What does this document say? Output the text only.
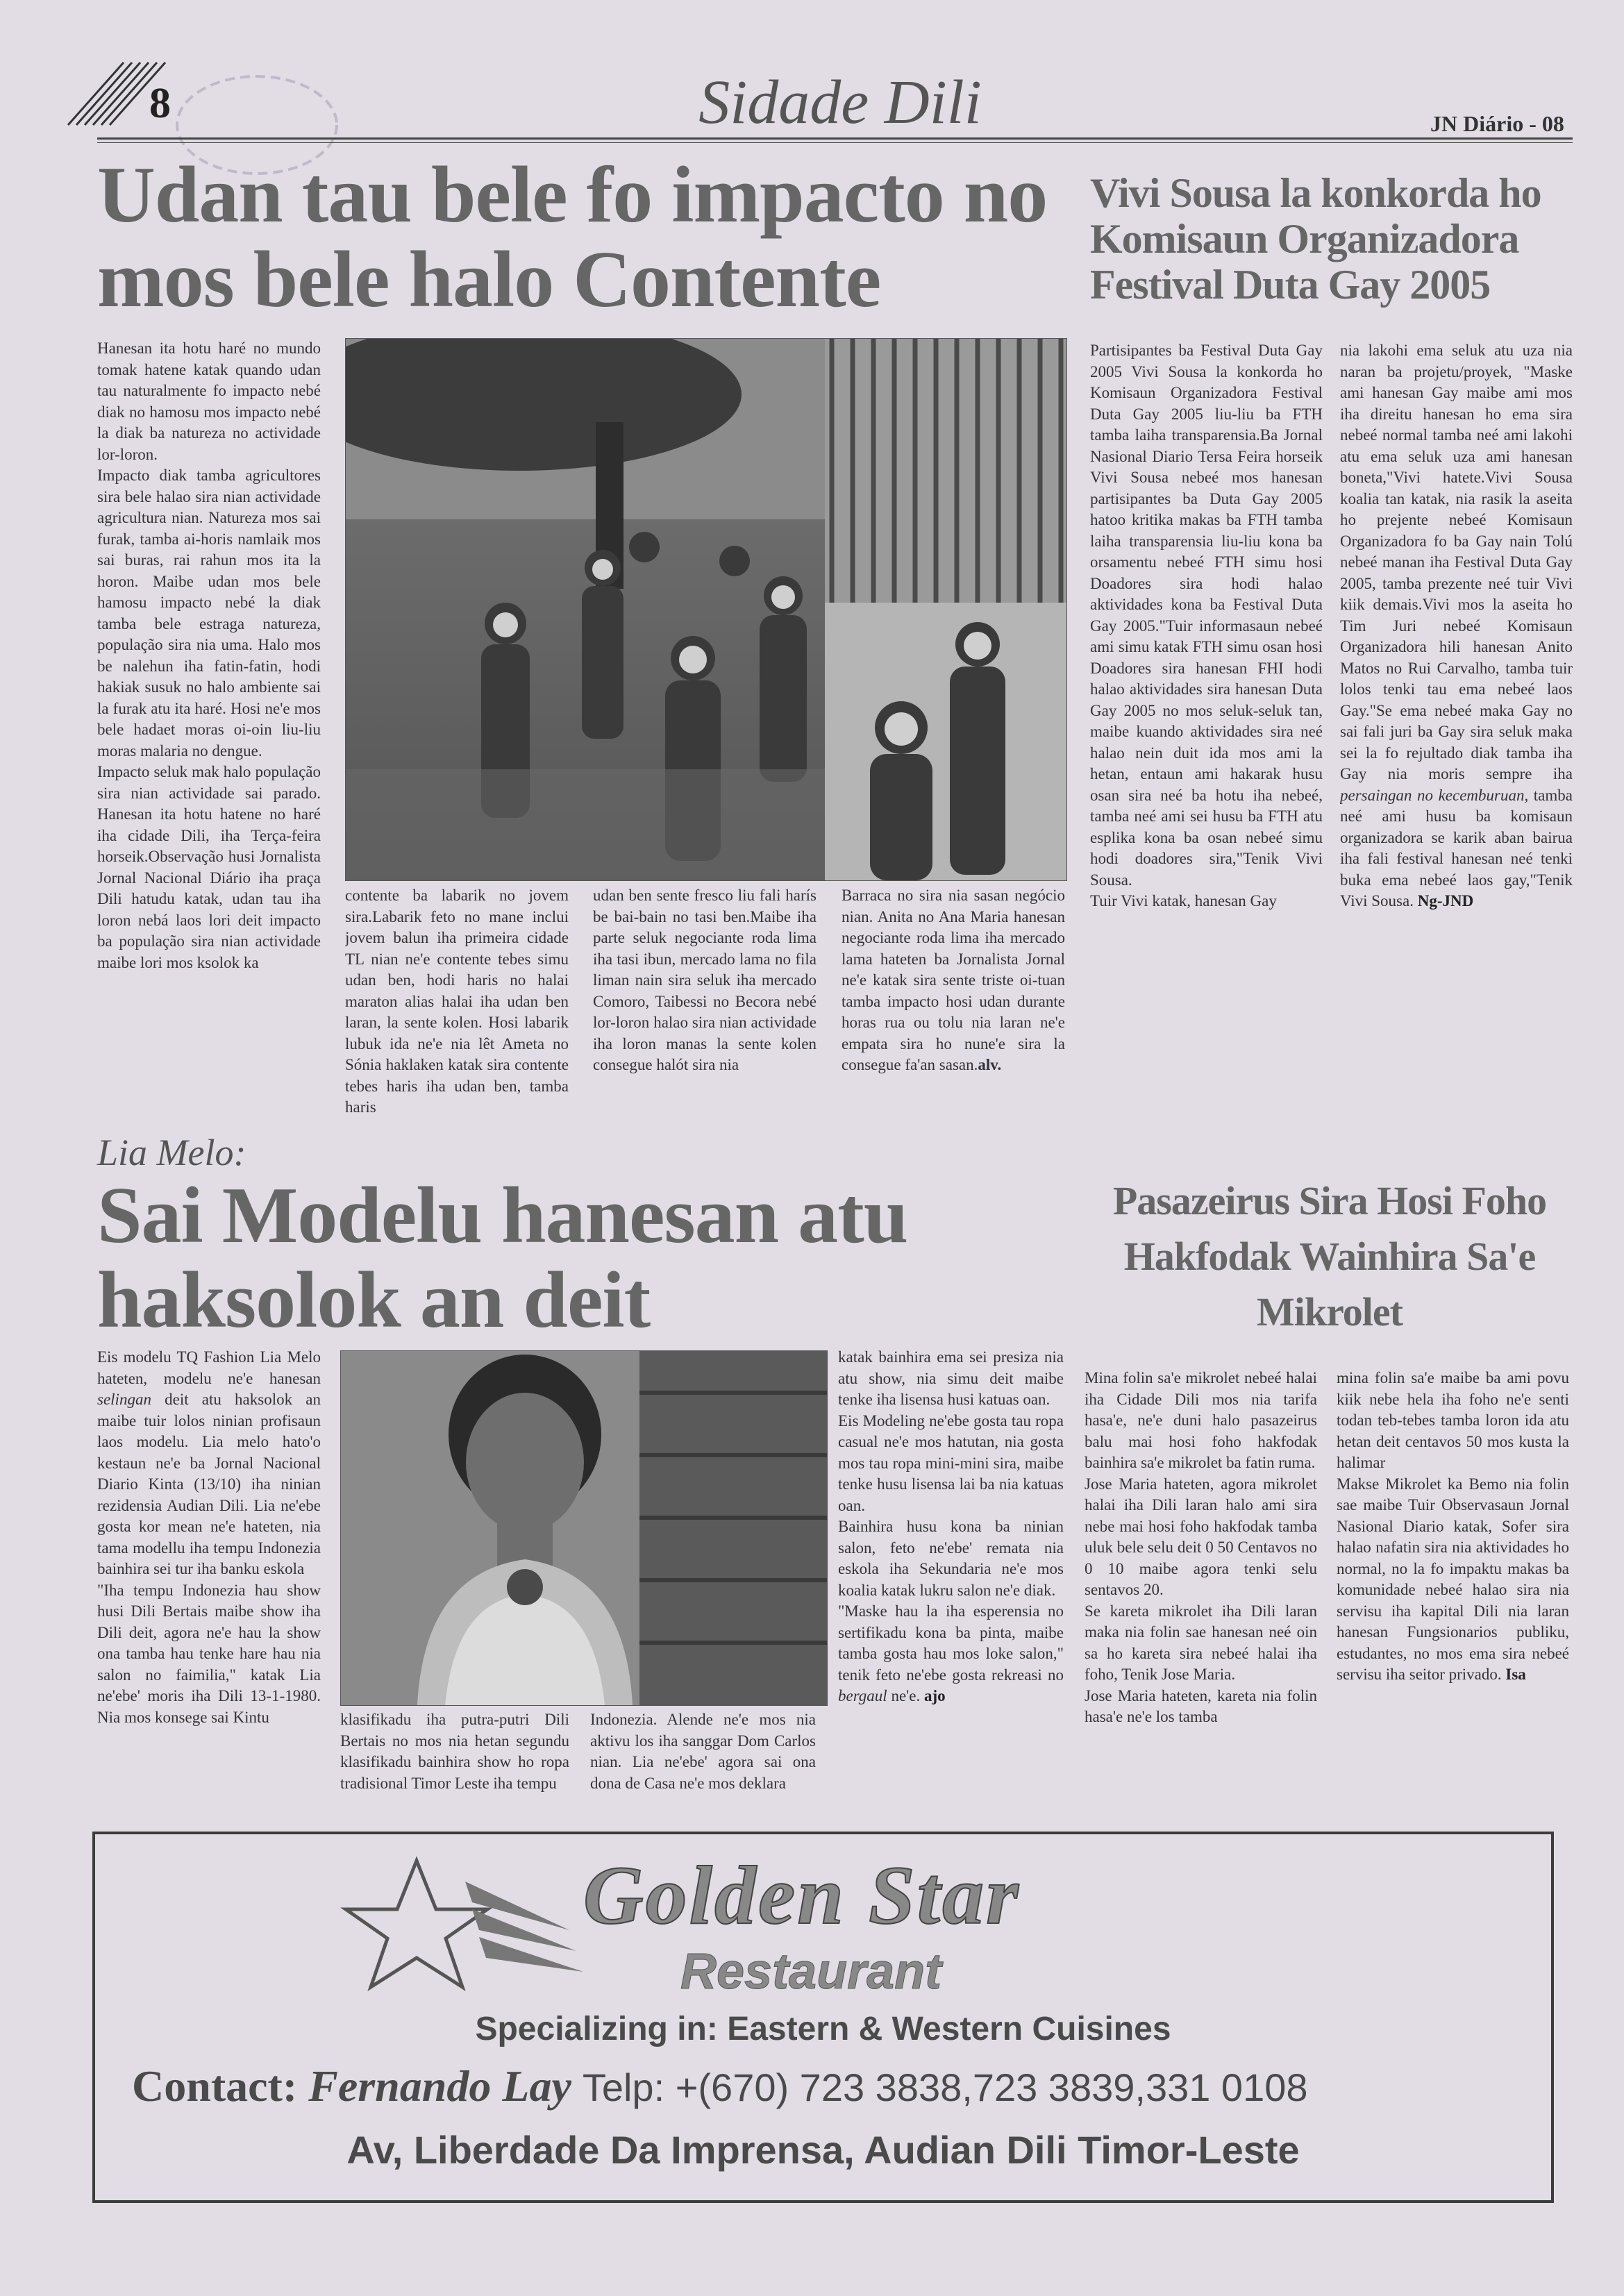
8	Sidade Dili	JN Diário - 08
Udan tau bele fo impacto no mos bele halo Contente

Hanesan ita hotu haré no mundo tomak hatene katak quando udan tau naturalmente fo impacto nebé diak no hamosu mos impacto nebé la diak ba natureza no actividade lor-loron.

Impacto diak tamba agricultores sira bele halao sira nian actividade agricultura nian. Natureza mos sai furak, tamba ai-horis namlaik mos sai buras, rai rahun mos ita la horon. Maibe udan mos bele hamosu impacto nebé la diak tamba bele estraga natureza, população sira nia uma. Halo mos be nalehun iha fatin-fatin, hodi hakiak susuk no halo ambiente sai la furak atu ita haré. Hosi ne'e mos bele hadaet moras oi-oin liu-liu moras malaria no dengue.

Impacto seluk mak halo população sira nian actividade sai parado. Hanesan ita hotu hatene no haré iha cidade Dili, iha Terça-feira horseik.Observação husi Jornalista Jornal Nacional Diário iha praça Dili hatudu katak, udan tau iha loron nebá laos lori deit impacto ba população sira nian actividade maibe lori mos ksolok ka

contente ba labarik no jovem sira.Labarik feto no mane inclui jovem balun iha primeira cidade TL nian ne'e contente tebes simu udan ben, hodi haris no halai maraton alias halai iha udan ben laran, la sente kolen. Hosi labarik lubuk ida ne'e nia lêt Ameta no Sónia haklaken katak sira contente tebes haris iha udan ben, tamba haris
udan ben sente fresco liu fali harís be bai-bain no tasi ben.Maibe iha parte seluk negociante roda lima iha tasi ibun, mercado lama no fila liman nain sira seluk iha mercado Comoro, Taibessi no Becora nebé lor-loron halao sira nian actividade iha loron manas la sente kolen consegue halót sira nia
Barraca no sira nia sasan negócio nian. Anita no Ana Maria hanesan negociante roda lima iha mercado lama hateten ba Jornalista Jornal ne'e katak sira sente triste oi-tuan tamba impacto hosi udan durante horas rua ou tolu nia laran ne'e empata sira ho nune'e sira la consegue fa'an sasan.alv.
Vivi Sousa la konkorda ho Komisaun Organizadora Festival Duta Gay 2005

Partisipantes ba Festival Duta Gay 2005 Vivi Sousa la konkorda ho Komisaun Organizadora Festival Duta Gay 2005 liu-liu ba FTH tamba laiha transparensia.Ba Jornal Nasional Diario Tersa Feira horseik Vivi Sousa nebeé mos hanesan partisipantes ba Duta Gay 2005 hatoo kritika makas ba FTH tamba laiha transparensia liu-liu kona ba orsamentu nebeé FTH simu hosi Doadores sira hodi halao aktividades kona ba Festival Duta Gay 2005."Tuir informasaun nebeé ami simu katak FTH simu osan hosi Doadores sira hanesan FHI hodi halao aktividades sira hanesan Duta Gay 2005 no mos seluk-seluk tan, maibe kuando aktividades sira neé halao nein duit ida mos ami la hetan, entaun ami hakarak husu osan sira neé ba hotu iha nebeé, tamba neé ami sei husu ba FTH atu esplika kona ba osan nebeé simu hodi doadores sira,"Tenik Vivi Sousa.

Tuir Vivi katak, hanesan Gay

nia lakohi ema seluk atu uza nia naran ba projetu/proyek, "Maske ami hanesan Gay maibe ami mos iha direitu hanesan ho ema sira nebeé normal tamba neé ami lakohi atu ema seluk uza ami hanesan boneta,"Vivi hatete.Vivi Sousa koalia tan katak, nia rasik la aseita ho prejente nebeé Komisaun Organizadora fo ba Gay nain Tolú nebeé manan iha Festival Duta Gay 2005, tamba prezente neé tuir Vivi kiik demais.Vivi mos la aseita ho Tim Juri nebeé Komisaun Organizadora hili hanesan Anito Matos no Rui Carvalho, tamba tuir lolos tenki tau ema nebeé laos Gay."Se ema nebeé maka Gay no sai fali juri ba Gay sira seluk maka sei la fo rejultado diak tamba iha Gay nia moris sempre iha persaingan no kecemburuan, tamba neé ami husu ba komisaun organizadora se karik aban bairua iha fali festival hanesan neé tenki buka ema nebeé laos gay,"Tenik Vivi Sousa. Ng-JND
Lia Melo:
Sai Modelu hanesan atu haksolok an deit

Eis modelu TQ Fashion Lia Melo hateten, modelu ne'e hanesan selingan deit atu haksolok an maibe tuir lolos ninian profisaun laos modelu. Lia melo hato'o kestaun ne'e ba Jornal Nacional Diario Kinta (13/10) iha ninian rezidensia Audian Dili. Lia ne'ebe gosta kor mean ne'e hateten, nia tama modellu iha tempu Indonezia bainhira sei tur iha banku eskola

"Iha tempu Indonezia hau show husi Dili Bertais maibe show iha Dili deit, agora ne'e hau la show ona tamba hau tenke hare hau nia salon no faimilia," katak Lia ne'ebe' moris iha Dili 13-1-1980. Nia mos konsege sai Kintu	klasifikadu iha putra-putri Dili Bertais no mos nia hetan segundu klasifikadu bainhira show ho ropa tradisional Timor Leste iha tempu
Indonezia. Alende ne'e mos nia aktivu los iha sanggar Dom Carlos nian. Lia ne'ebe' agora sai ona dona de Casa ne'e mos deklara

katak bainhira ema sei presiza nia atu show, nia simu deit maibe tenke iha lisensa husi katuas oan.

Eis Modeling ne'ebe gosta tau ropa casual ne'e mos hatutan, nia gosta mos tau ropa mini-mini sira, maibe tenke husu lisensa lai ba nia katuas oan.

Bainhira husu kona ba ninian salon, feto ne'ebe' remata nia eskola iha Sekundaria ne'e mos koalia katak lukru salon ne'e diak.

"Maske hau la iha esperensia no sertifikadu kona ba pinta, maibe tamba gosta hau mos loke salon," tenik feto ne'ebe gosta rekreasi no bergaul ne'e. ajo

Pasazeirus Sira Hosi Foho Hakfodak Wainhira Sa'e Mikrolet

Mina folin sa'e mikrolet nebeé halai iha Cidade Dili mos nia tarifa hasa'e, ne'e duni halo pasazeirus balu mai hosi foho hakfodak bainhira sa'e mikrolet ba fatin ruma.

Jose Maria hateten, agora mikrolet halai iha Dili laran halo ami sira nebe mai hosi foho hakfodak tamba uluk bele selu deit 0 50 Centavos no 0 10 maibe agora tenki selu sentavos 20.

Se kareta mikrolet iha Dili laran maka nia folin sae hanesan neé oin sa ho kareta sira nebeé halai iha foho, Tenik Jose Maria.

Jose Maria hateten, kareta nia folin hasa'e ne'e los tamba

mina folin sa'e maibe ba ami povu kiik nebe hela iha foho ne'e senti todan teb-tebes tamba loron ida atu hetan deit centavos 50 mos kusta la halimar

Makse Mikrolet ka Bemo nia folin sae maibe Tuir Observasaun Jornal Nasional Diario katak, Sofer sira halao nafatin sira nia aktividades ho normal, no la fo impaktu makas ba komunidade nebeé halao sira nia servisu iha kapital Dili nia laran hanesan Fungsionarios publiku, estudantes, no mos ema sira nebeé servisu iha seitor privado. Isa

Golden Star
Restaurant
Specializing in: Eastern & Western Cuisines
Contact: Fernando Lay Telp: +(670) 723 3838,723 3839,331 0108
Av, Liberdade Da Imprensa, Audian Dili Timor-Leste
